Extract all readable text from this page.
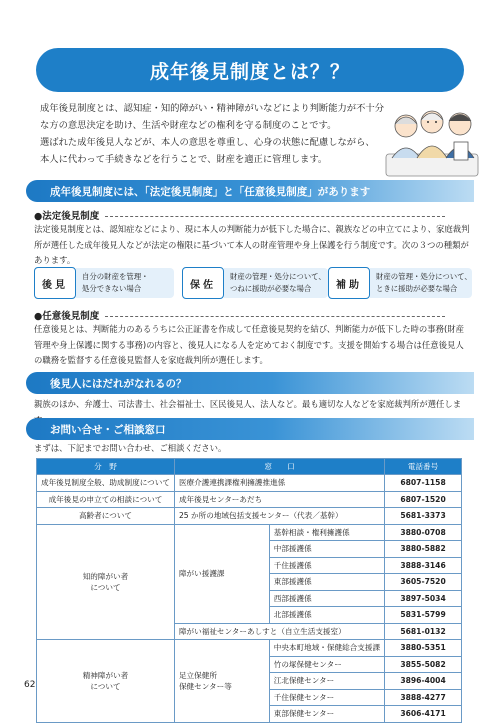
成年後見制度とは？？

成年後見制度とは、認知症・知的障がい・精神障がいなどにより判断能力が不十分

な方の意思決定を助け、生活や財産などの権利を守る制度のことです。

選ばれた成年後見人などが、本人の意思を尊重し、心身の状態に配慮しながら、

本人に代わって手続きなどを行うことで、財産を適正に管理します。

成年後見制度には、「法定後見制度」と「任意後見制度」があります
●法定後見制度

法定後見制度とは、認知症などにより、現に本人の判断能力が低下した場合に、親族などの申立てにより、家庭裁判所が選任した成年後見人などが法定の権限に基づいて本人の財産管理や身上保護を行う制度です。次の３つの種類があります。

後見
自分の財産を管理・
処分できない場合	保佐
財産の管理・処分について、
つねに援助が必要な場合	補助
財産の管理・処分について、
ときに援助が必要な場合
●任意後見制度

任意後見とは、判断能力のあるうちに公正証書を作成して任意後見契約を結び、判断能力が低下した時の事務(財産管理や身上保護に関する事務)の内容と、後見人になる人を定めておく制度です。支援を開始する場合は任意後見人の職務を監督する任意後見監督人を家庭裁判所が選任します。

後見人にはだれがなれるの？

親族のほか、弁護士、司法書士、社会福祉士、区民後見人、法人など。最も適切な人などを家庭裁判所が選任しま

お問い合せ・ご相談窓口

まずは、下記までお問い合わせ、ご相談ください。

分　野	窓　　口		電話番号
成年後見制度全般、助成制度について	医療介護連携課権利擁護推進係		6807-1158
成年後見の申立ての相談について	成年後見センターあだち		6807-1520
高齢者について	25 か所の地域包括支援センター（代表／基幹）		5681-3373
知的障がい者
について	障がい援護課	基幹相談・権利擁護係	3880-0708
		中部援護係	3880-5882
		千住援護係	3888-3146
		東部援護係	3605-7520
		西部援護係	3897-5034
		北部援護係	5831-5799
	障がい福祉センターあしすと（自立生活支援室）		5681-0132
精神障がい者
について	足立保健所
保健センター等	中央本町地域・保健総合支援課	3880-5351
		竹の塚保健センター	3855-5082
		江北保健センター	3896-4004
		千住保健センター	3888-4277
		東部保健センター	3606-4171
62
